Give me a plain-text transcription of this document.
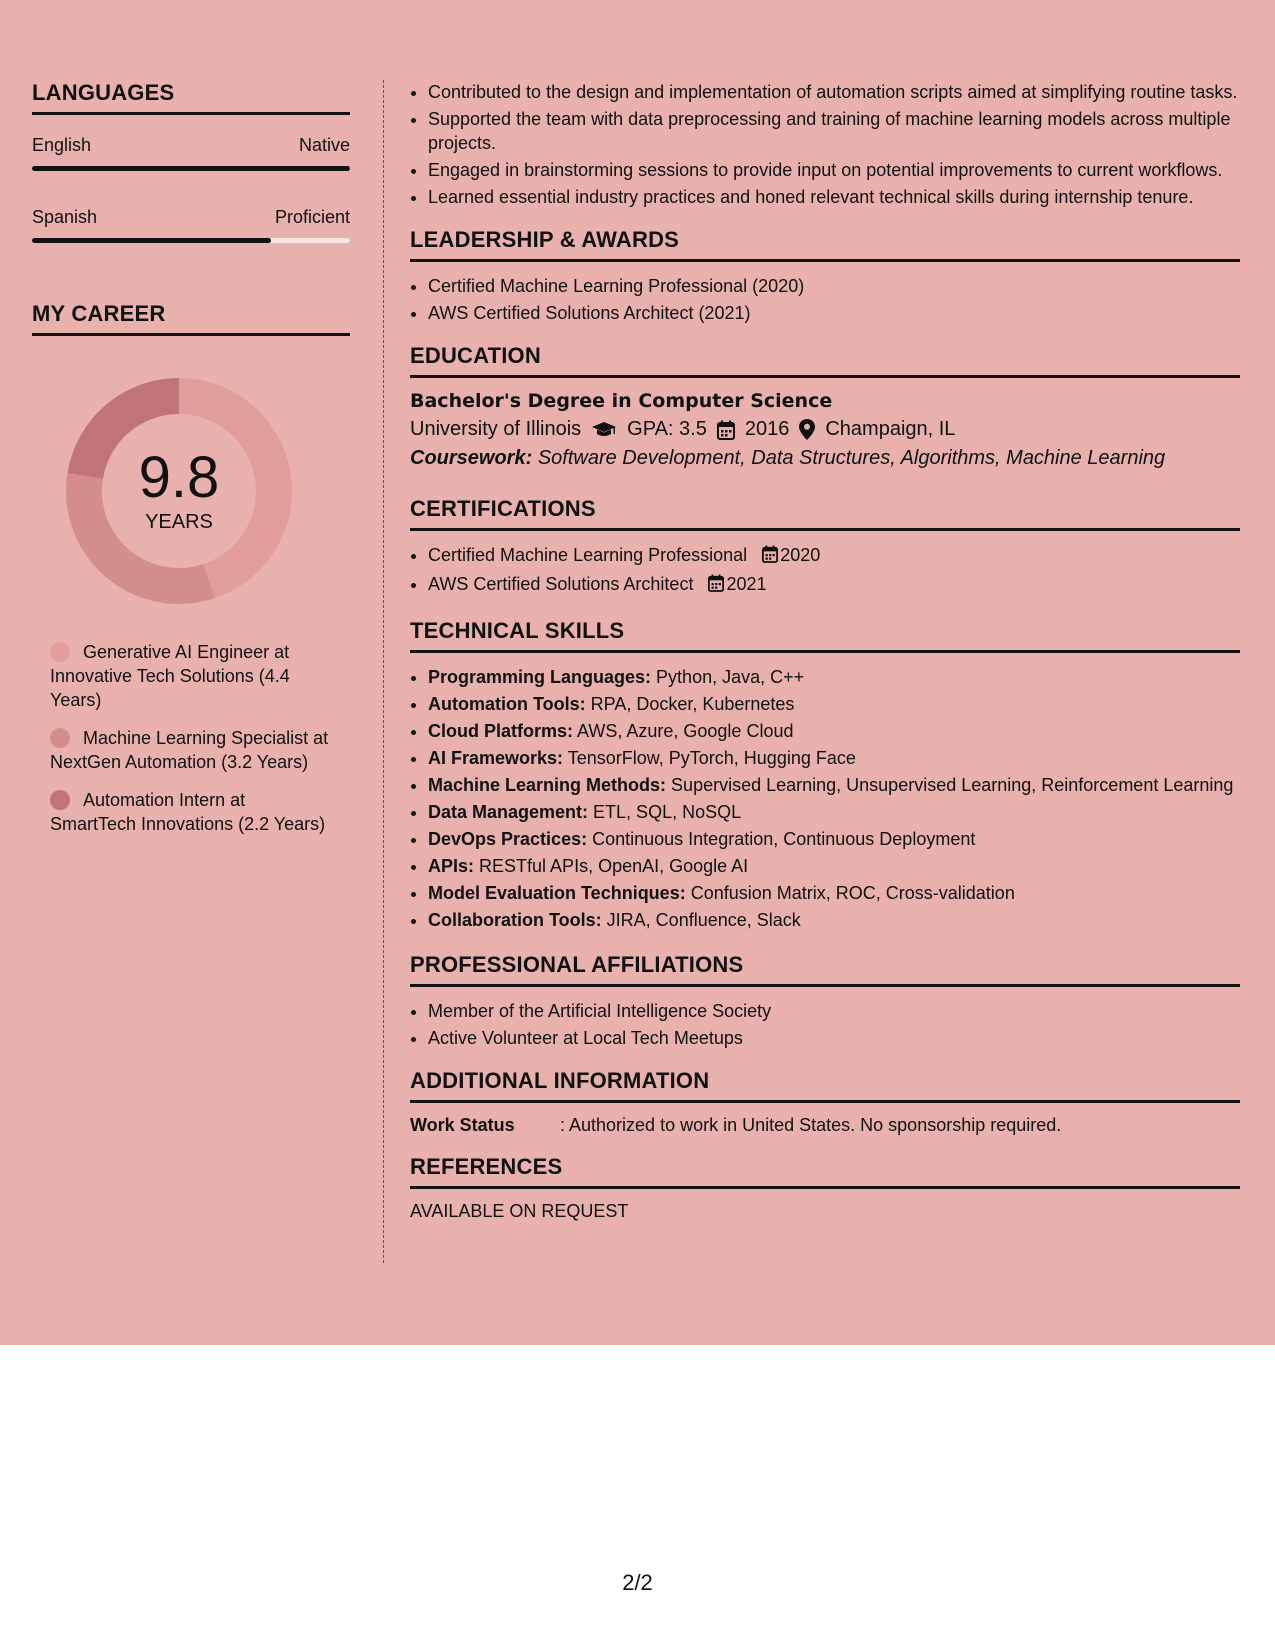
LANGUAGES
English	Native
Spanish	Proficient
MY CAREER
9.8
YEARS
Generative AI Engineer at Innovative Tech Solutions (4.4 Years)
Machine Learning Specialist at NextGen Automation (3.2 Years)
Automation Intern at SmartTech Innovations (2.2 Years)
• Contributed to the design and implementation of automation scripts aimed at simplifying routine tasks.
• Supported the team with data preprocessing and training of machine learning models across multiple projects.
• Engaged in brainstorming sessions to provide input on potential improvements to current workflows.
• Learned essential industry practices and honed relevant technical skills during internship tenure.
LEADERSHIP & AWARDS
• Certified Machine Learning Professional (2020)
• AWS Certified Solutions Architect (2021)
EDUCATION
Bachelor's Degree in Computer Science
University of Illinois GPA: 3.5 2016 Champaign, IL
Coursework: Software Development, Data Structures, Algorithms, Machine Learning
CERTIFICATIONS
• Certified Machine Learning Professional 2020
• AWS Certified Solutions Architect 2021
TECHNICAL SKILLS
• Programming Languages: Python, Java, C++
• Automation Tools: RPA, Docker, Kubernetes
• Cloud Platforms: AWS, Azure, Google Cloud
• AI Frameworks: TensorFlow, PyTorch, Hugging Face
• Machine Learning Methods: Supervised Learning, Unsupervised Learning, Reinforcement Learning
• Data Management: ETL, SQL, NoSQL
• DevOps Practices: Continuous Integration, Continuous Deployment
• APIs: RESTful APIs, OpenAI, Google AI
• Model Evaluation Techniques: Confusion Matrix, ROC, Cross-validation
• Collaboration Tools: JIRA, Confluence, Slack
PROFESSIONAL AFFILIATIONS
• Member of the Artificial Intelligence Society
• Active Volunteer at Local Tech Meetups
ADDITIONAL INFORMATION
Work Status	: Authorized to work in United States. No sponsorship required.
REFERENCES
AVAILABLE ON REQUEST
2/2
